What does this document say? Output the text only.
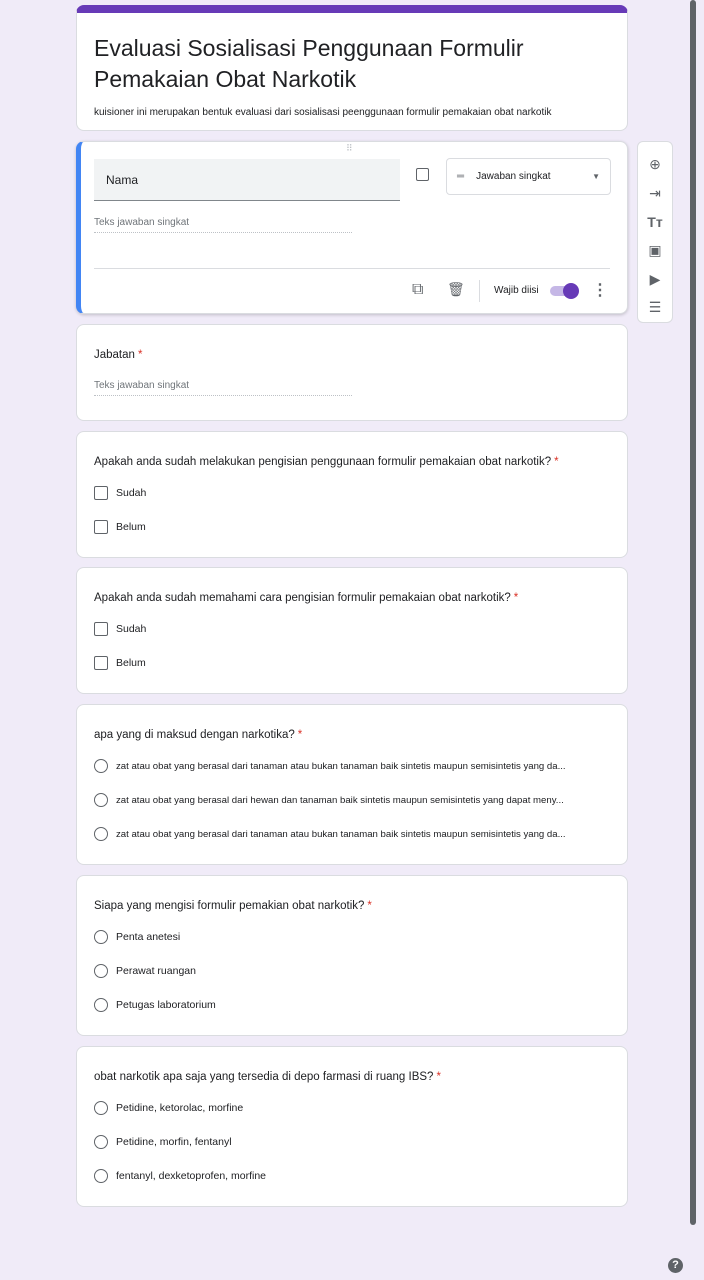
Evaluasi Sosialisasi Penggunaan Formulir Pemakaian Obat Narkotik

kuisioner ini merupakan bentuk evaluasi dari sosialisasi peenggunaan formulir pemakaian obat narkotik

⠿
Nama	═ Jawaban singkat	▼
Teks jawaban singkat
⧉ 🗑	Wajib diisi	⋮
⊕
⇥
Tт
▣
▶
☰
Jabatan *
Teks jawaban singkat
Apakah anda sudah melakukan pengisian penggunaan formulir pemakaian obat narkotik? *
Sudah
Belum
Apakah anda sudah memahami cara pengisian formulir pemakaian obat narkotik? *
Sudah
Belum
apa yang di maksud dengan narkotika? *
zat atau obat yang berasal dari tanaman atau bukan tanaman baik sintetis maupun semisintetis yang da...
zat atau obat yang berasal dari hewan dan tanaman baik sintetis maupun semisintetis yang dapat meny...
zat atau obat yang berasal dari tanaman atau bukan tanaman baik sintetis maupun semisintetis yang da...
Siapa yang mengisi formulir pemakian obat narkotik? *
Penta anetesi
Perawat ruangan
Petugas laboratorium
obat narkotik apa saja yang tersedia di depo farmasi di ruang IBS? *
Petidine, ketorolac, morfine
Petidine, morfin, fentanyl
fentanyl, dexketoprofen, morfine
?
